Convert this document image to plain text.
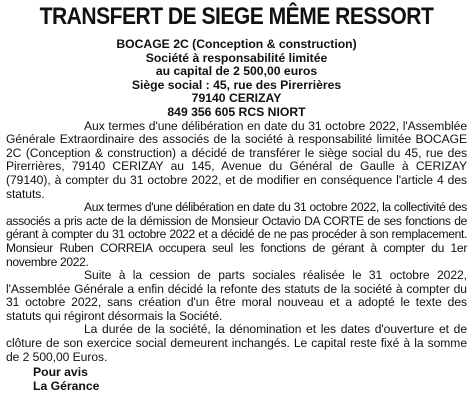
TRANSFERT DE SIEGE MÊME RESSORT
BOCAGE 2C (Conception & construction)
Société à responsabilité limitée
au capital de 2 500,00 euros
Siège social : 45, rue des Pirerrières
79140 CERIZAY
849 356 605 RCS NIORT

Aux termes d'une délibération en date du 31 octobre 2022, l'Assemblée Générale Extraordinaire des associés de la société à responsabilité limitée BOCAGE 2C (Conception & construction) a décidé de transférer le siège social du 45, rue des Pirerrières, 79140 CERIZAY au 145, Avenue du Général de Gaulle à CERIZAY (79140), à compter du 31 octobre 2022, et de modifier en conséquence l'article 4 des statuts.

Aux termes d'une délibération en date du 31 octobre 2022, la collectivité des associés a pris acte de la démission de Monsieur Octavio DA CORTE de ses fonctions de gérant à compter du 31 octobre 2022 et a décidé de ne pas procéder à son remplacement. Monsieur Ruben CORREIA occupera seul les fonctions de gérant à compter du 1er novembre 2022.

Suite à la cession de parts sociales réalisée le 31 octobre 2022, l'Assemblée Générale a enfin décidé la refonte des statuts de la société à compter du 31 octobre 2022, sans création d'un être moral nouveau et a adopté le texte des statuts qui régiront désormais la Société.

La durée de la société, la dénomination et les dates d'ouverture et de clôture de son exercice social demeurent inchangés. Le capital reste fixé à la somme de 2 500,00 Euros.

Pour avis
La Gérance
